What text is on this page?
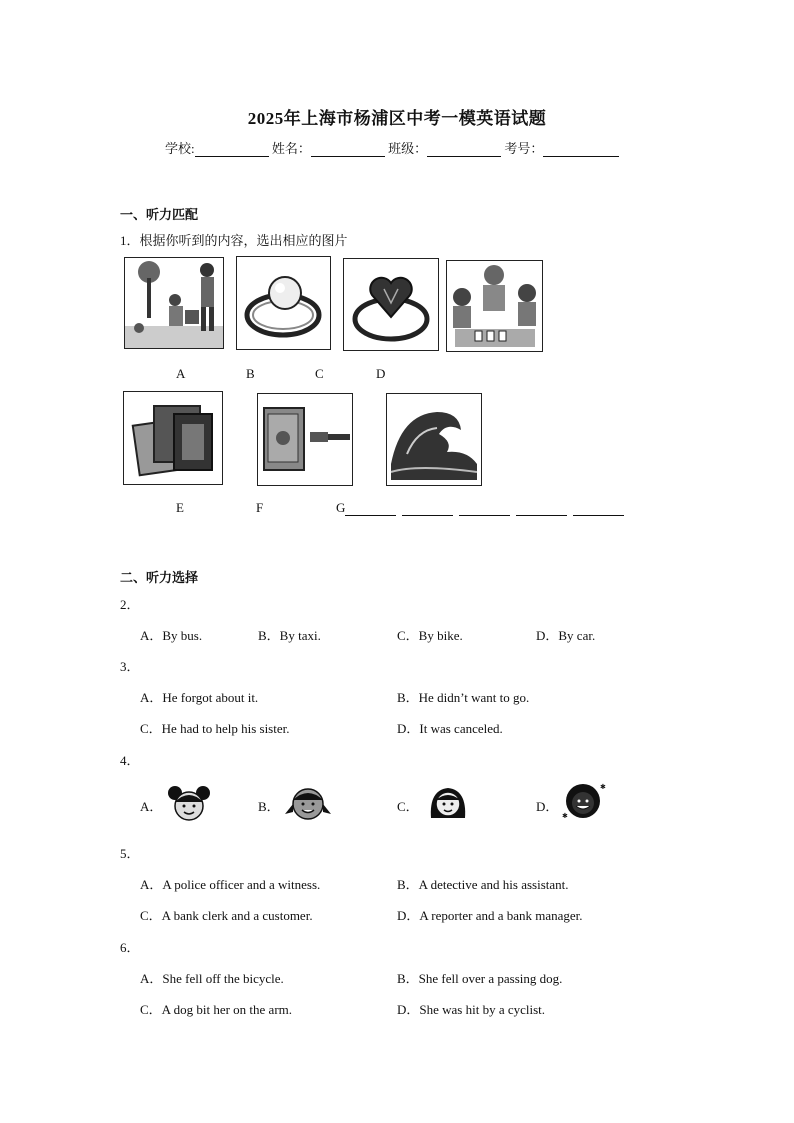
2025年上海市杨浦区中考一模英语试题
学校:	姓名：	班级：	考号：
一、听力匹配
1．根据你听到的内容，选出相应的图片
A	B	C	D
E	F	G
二、听力选择
2．
A．By bus.	B．By taxi.	C．By bike.	D．By car.
3．
A．He forgot about it.	B．He didn’t want to go.
C．He had to help his sister.	D．It was canceled.
4．
A．	B．	C．	D．
✱
✱
5．
A．A police officer and a witness.	B．A detective and his assistant.
C．A bank clerk and a customer.	D．A reporter and a bank manager.
6．
A．She fell off the bicycle.	B．She fell over a passing dog.
C．A dog bit her on the arm.	D．She was hit by a cyclist.
